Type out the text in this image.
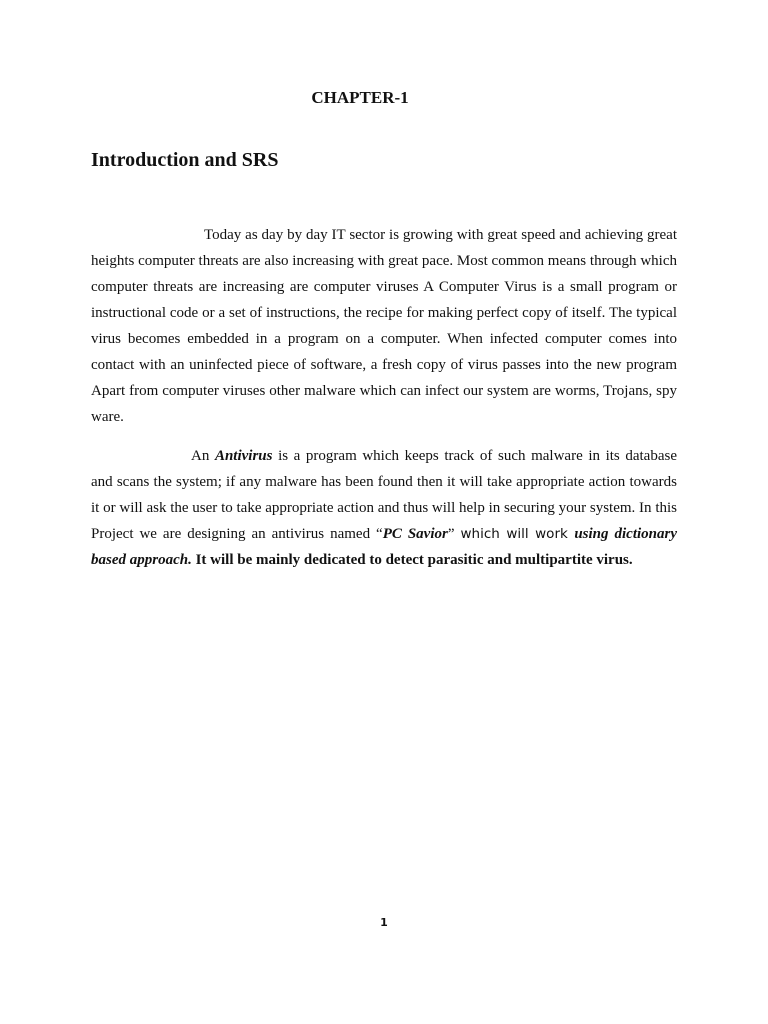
CHAPTER-1
Introduction and SRS

Today as day by day IT sector is growing with great speed and achieving great heights computer threats are also increasing with great pace. Most common means through which computer threats are increasing are computer viruses A Computer Virus is a small program or instructional code or a set of instructions, the recipe for making perfect copy of itself. The typical virus becomes embedded in a program on a computer. When infected computer comes into contact with an uninfected piece of software, a fresh copy of virus passes into the new program Apart from computer viruses other malware which can infect our system are worms, Trojans, spy ware.

An Antivirus is a program which keeps track of such malware in its database and scans the system; if any malware has been found then it will take appropriate action towards it or will ask the user to take appropriate action and thus will help in securing your system. In this Project we are designing an antivirus named “PC Savior” which will work using dictionary based approach. It will be mainly dedicated to detect parasitic and multipartite virus.

1
